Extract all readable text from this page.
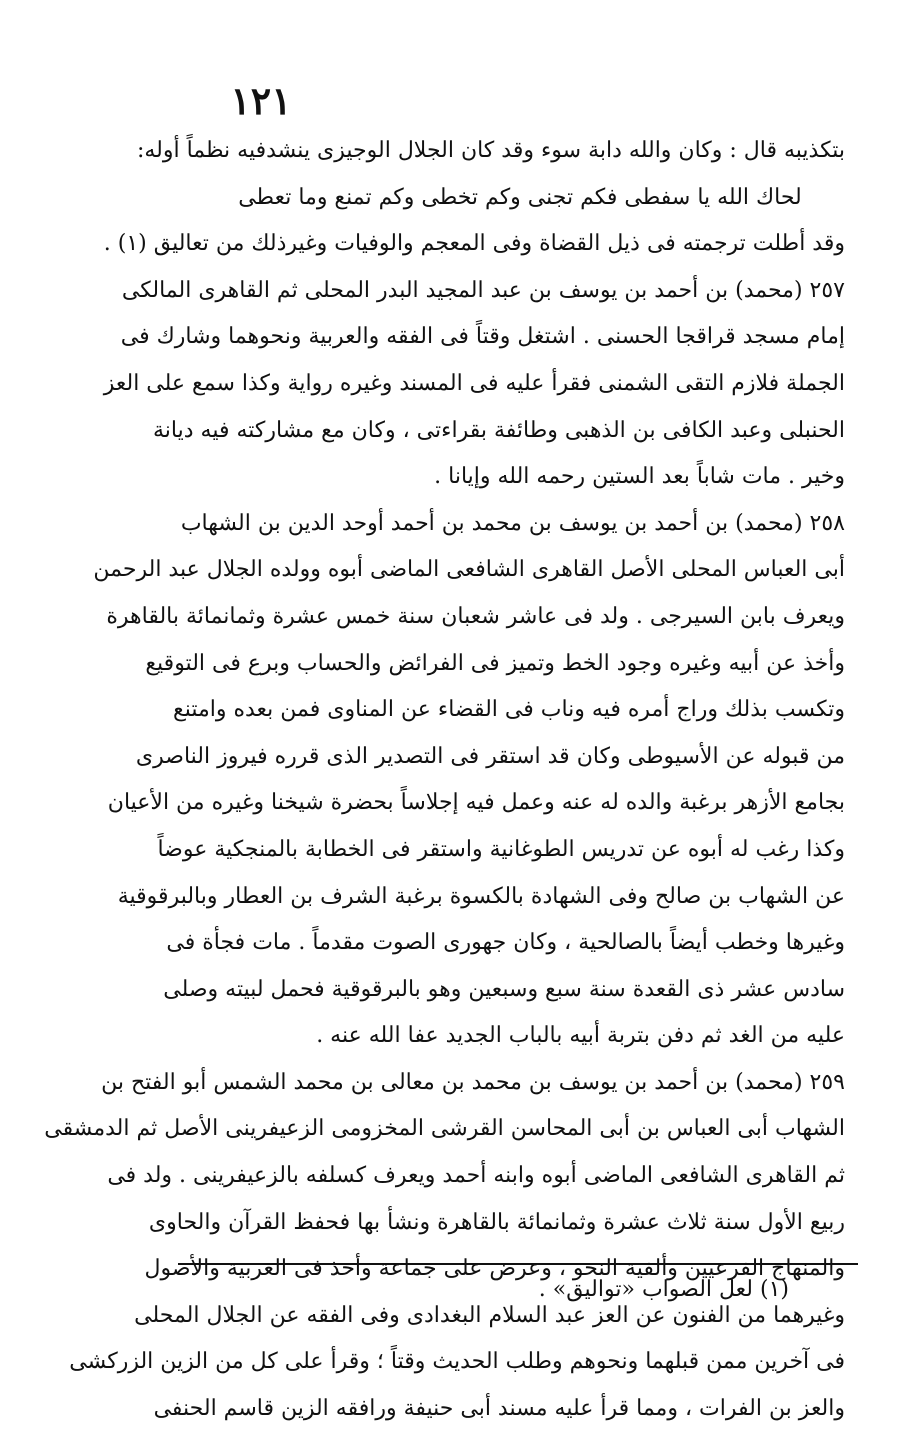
١٢١
بتكذيبه قال : وكان والله دابة سوء وقد كان الجلال الوجيزى ينشدفيه نظماً أوله:
لحاك الله يا سفطى فكم تجنى وكم تخطى وكم تمنع وما تعطى
وقد أطلت ترجمته فى ذيل القضاة وفى المعجم والوفيات وغيرذلك من تعاليق (١) .
٢٥٧ (محمد) بن أحمد بن يوسف بن عبد المجيد البدر المحلى ثم القاهرى المالكى
إمام مسجد قراقجا الحسنى . اشتغل وقتاً فى الفقه والعربية ونحوهما وشارك فى
الجملة فلازم التقى الشمنى فقرأ عليه فى المسند وغيره رواية وكذا سمع على العز
الحنبلى وعبد الكافى بن الذهبى وطائفة بقراءتى ، وكان مع مشاركته فيه ديانة
وخير . مات شاباً بعد الستين رحمه الله وإيانا .
٢٥٨ (محمد) بن أحمد بن يوسف بن محمد بن أحمد أوحد الدين بن الشهاب
أبى العباس المحلى الأصل القاهرى الشافعى الماضى أبوه وولده الجلال عبد الرحمن
ويعرف بابن السيرجى . ولد فى عاشر شعبان سنة خمس عشرة وثمانمائة بالقاهرة
وأخذ عن أبيه وغيره وجود الخط وتميز فى الفرائض والحساب وبرع فى التوقيع
وتكسب بذلك وراج أمره فيه وناب فى القضاء عن المناوى فمن بعده وامتنع
من قبوله عن الأسيوطى وكان قد استقر فى التصدير الذى قرره فيروز الناصرى
بجامع الأزهر برغبة والده له عنه وعمل فيه إجلاساً بحضرة شيخنا وغيره من الأعيان
وكذا رغب له أبوه عن تدريس الطوغانية واستقر فى الخطابة بالمنجكية عوضاً
عن الشهاب بن صالح وفى الشهادة بالكسوة برغبة الشرف بن العطار وبالبرقوقية
وغيرها وخطب أيضاً بالصالحية ، وكان جهورى الصوت مقدماً . مات فجأة فى
سادس عشر ذى القعدة سنة سبع وسبعين وهو بالبرقوقية فحمل لبيته وصلى
عليه من الغد ثم دفن بتربة أبيه بالباب الجديد عفا الله عنه .
٢٥٩ (محمد) بن أحمد بن يوسف بن محمد بن معالى بن محمد الشمس أبو الفتح بن
الشهاب أبى العباس بن أبى المحاسن القرشى المخزومى الزعيفرينى الأصل ثم الدمشقى
ثم القاهرى الشافعى الماضى أبوه وابنه أحمد ويعرف كسلفه بالزعيفرينى . ولد فى
ربيع الأول سنة ثلاث عشرة وثمانمائة بالقاهرة ونشأ بها فحفظ القرآن والحاوى
والمنهاج الفرعيين وألفية النحو ، وعرض على جماعة وأخذ فى العربية والأصول
وغيرهما من الفنون عن العز عبد السلام البغدادى وفى الفقه عن الجلال المحلى
فى آخرين ممن قبلهما ونحوهم وطلب الحديث وقتاً ؛ وقرأ على كل من الزين الزركشى
والعز بن الفرات ، ومما قرأ عليه مسند أبى حنيفة ورافقه الزين قاسم الحنفى
(١) لعل الصواب «تواليق» .
